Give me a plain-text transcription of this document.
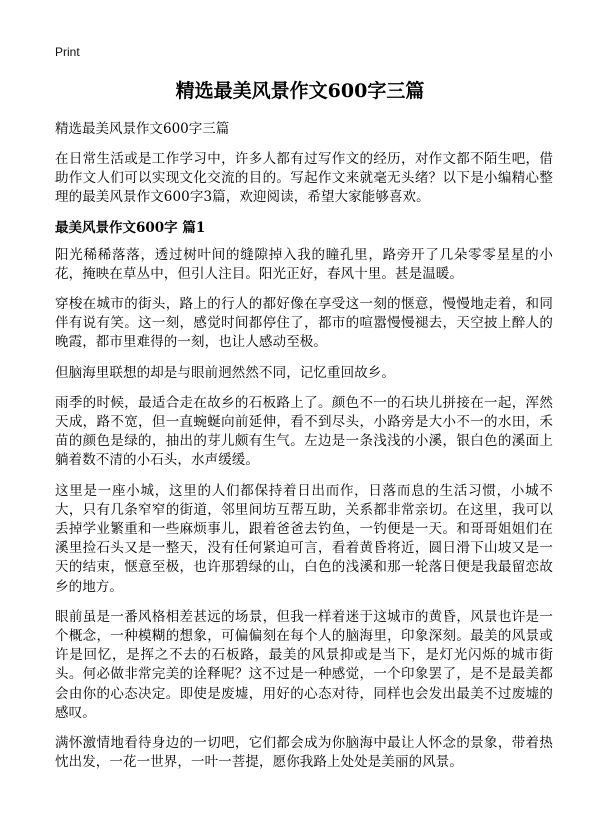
Print
精选最美风景作文600字三篇

精选最美风景作文600字三篇

在日常生活或是工作学习中，许多人都有过写作文的经历，对作文都不陌生吧，借助作文人们可以实现文化交流的目的。写起作文来就毫无头绪？以下是小编精心整理的最美风景作文600字3篇，欢迎阅读，希望大家能够喜欢。

最美风景作文600字 篇1

阳光稀稀落落，透过树叶间的缝隙掉入我的瞳孔里，路旁开了几朵零零星星的小花，掩映在草丛中，但引人注目。阳光正好，春风十里。甚是温暖。

穿梭在城市的街头，路上的行人的都好像在享受这一刻的惬意，慢慢地走着，和同伴有说有笑。这一刻，感觉时间都停住了，都市的喧嚣慢慢褪去，天空披上醉人的晚霞，都市里难得的一刻，也让人感动至极。

但脑海里联想的却是与眼前迥然然不同，记忆重回故乡。

雨季的时候，最适合走在故乡的石板路上了。颜色不一的石块儿拼接在一起，浑然天成，路不宽，但一直蜿蜒向前延伸，看不到尽头，小路旁是大小不一的水田，禾苗的颜色是绿的，抽出的芽儿颇有生气。左边是一条浅浅的小溪，银白色的溪面上躺着数不清的小石头，水声缓缓。

这里是一座小城，这里的人们都保持着日出而作，日落而息的生活习惯，小城不大，只有几条窄窄的街道，邻里间坊互帮互助，关系都非常亲切。在这里，我可以丢掉学业繁重和一些麻烦事儿，跟着爸爸去钓鱼，一钓便是一天。和哥哥姐姐们在溪里捡石头又是一整天，没有任何紧迫可言，看着黄昏将近，圆日滑下山坡又是一天的结束，惬意至极，也许那碧绿的山，白色的浅溪和那一轮落日便是我最留恋故乡的地方。

眼前虽是一番风格相差甚远的场景，但我一样着迷于这城市的黄昏，风景也许是一个概念，一种模糊的想象，可偏偏刻在每个人的脑海里，印象深刻。最美的风景或许是回忆，是挥之不去的石板路，最美的风景抑或是当下，是灯光闪烁的城市街头。何必做非常完美的诠释呢？这不过是一种感觉，一个印象罢了，是不是最美都会由你的心态决定。即使是废墟，用好的心态对待，同样也会发出最美不过废墟的感叹。

满怀激情地看待身边的一切吧，它们都会成为你脑海中最让人怀念的景象，带着热忱出发，一花一世界，一叶一菩提，愿你我路上处处是美丽的风景。
